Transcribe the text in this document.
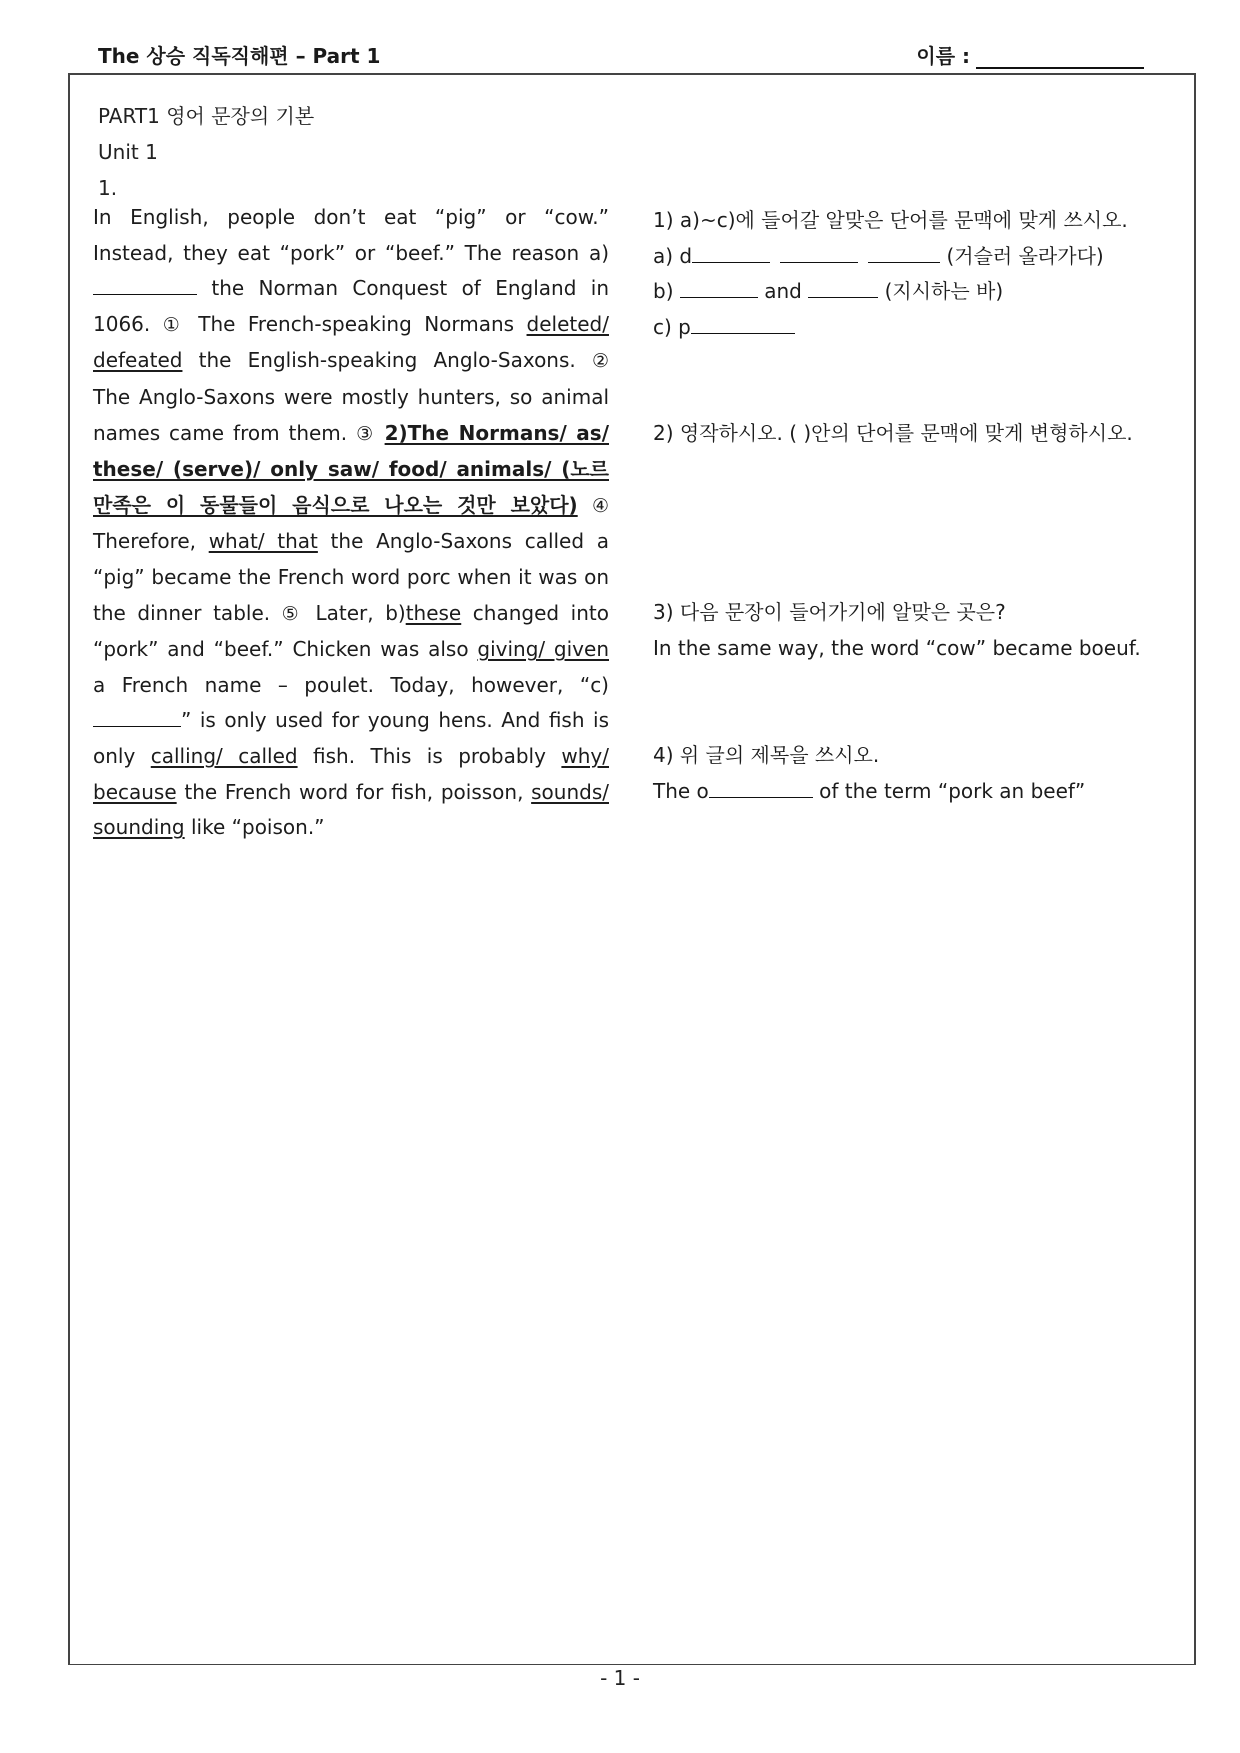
The 상승 직독직해편 – Part 1	이름 :
PART1 영어 문장의 기본
Unit 1
1.
In English, people don’t eat “pig” or “cow.” Instead, they eat “pork” or “beef.” The reason a) the Norman Conquest of England in 1066. ① The French-speaking Normans deleted/ defeated the English-speaking Anglo-Saxons. ② The Anglo-Saxons were mostly hunters, so animal names came from them. ③ 2)The Normans/ as/ these/ (serve)/ only saw/ food/ animals/ (노르만족은 이 동물들이 음식으로 나오는 것만 보았다) ④ Therefore, what/ that the Anglo-Saxons called a “pig” became the French word porc when it was on the dinner table. ⑤ Later, b)these changed into “pork” and “beef.” Chicken was also giving/ given a French name – poulet. Today, however, “c)” is only used for young hens. And fish is only calling/ called fish. This is probably why/ because the French word for fish, poisson, sounds/ sounding like “poison.”
1) a)~c)에 들어갈 알맞은 단어를 문맥에 맞게 쓰시오.
a) d	(거슬러 올라가다)
b)	and	(지시하는 바)
c) p
2) 영작하시오. ( )안의 단어를 문맥에 맞게 변형하시오.
3) 다음 문장이 들어가기에 알맞은 곳은?
In the same way, the word “cow” became boeuf.
4) 위 글의 제목을 쓰시오.
The o	of the term “pork an beef”
- 1 -
